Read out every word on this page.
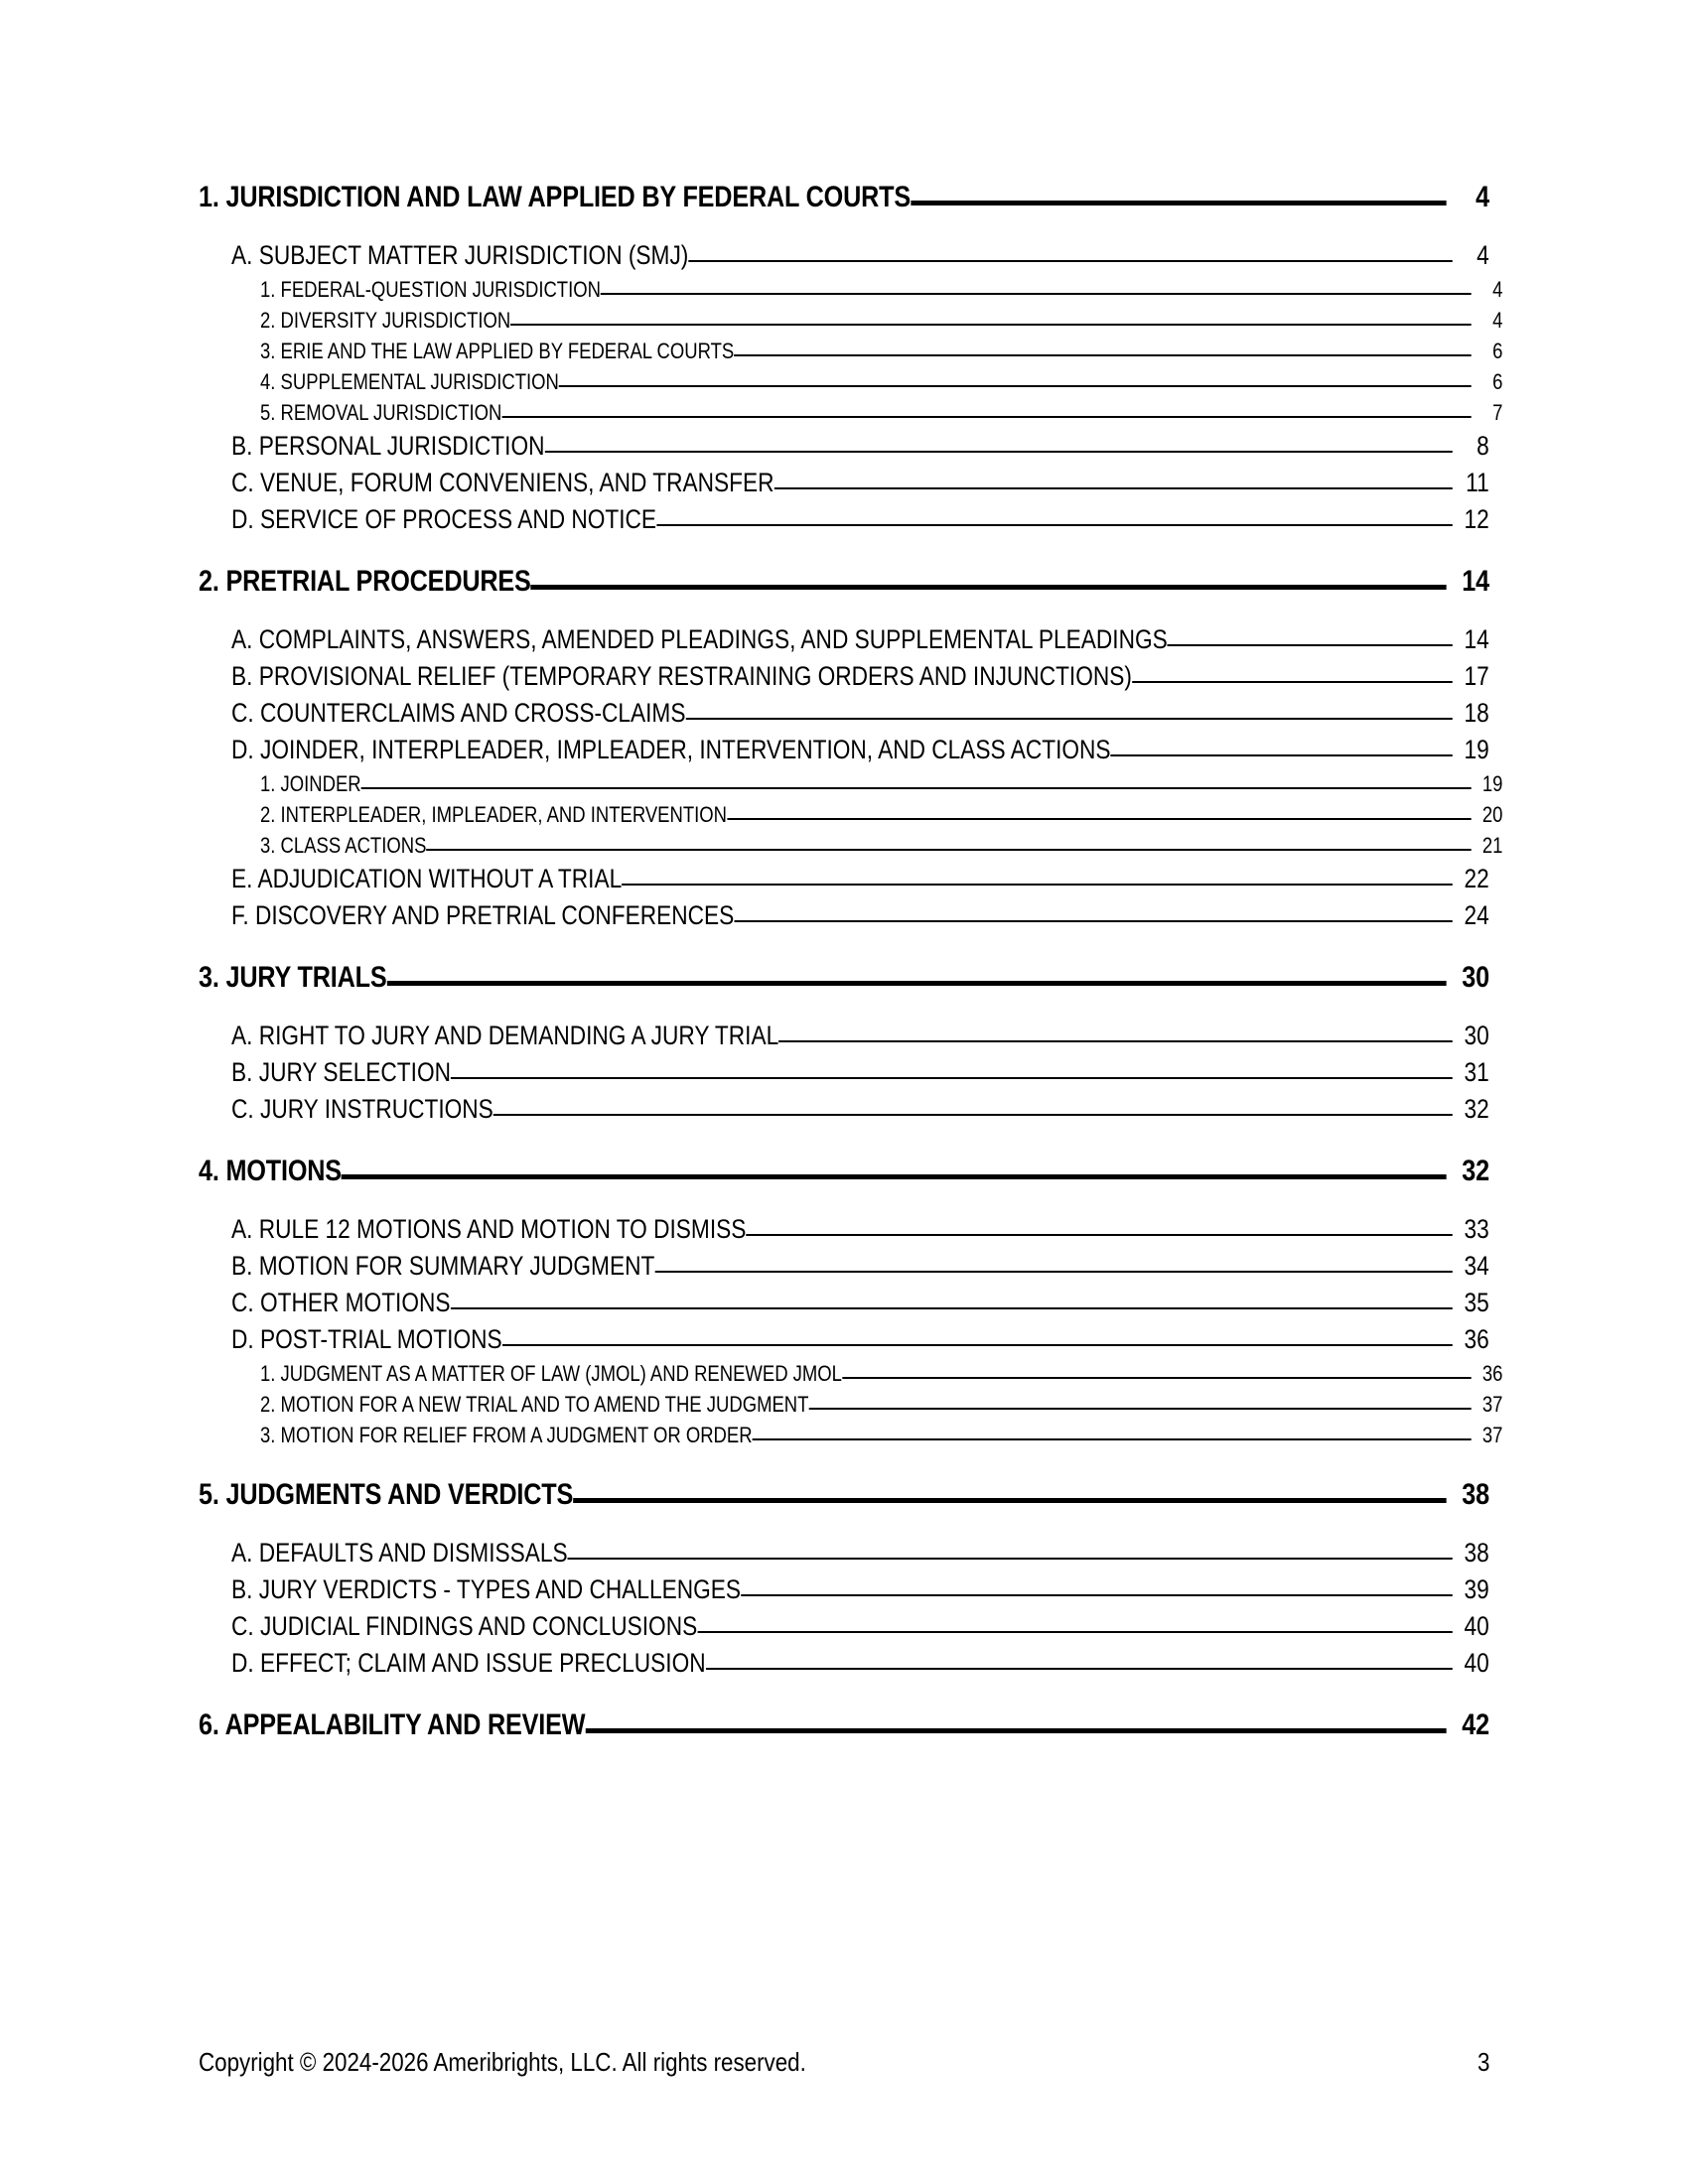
1. JURISDICTION AND LAW APPLIED BY FEDERAL COURTS	4
A. SUBJECT MATTER JURISDICTION (SMJ)	4
1. FEDERAL-QUESTION JURISDICTION	4
2. DIVERSITY JURISDICTION	4
3. ERIE AND THE LAW APPLIED BY FEDERAL COURTS	6
4. SUPPLEMENTAL JURISDICTION	6
5. REMOVAL JURISDICTION	7
B. PERSONAL JURISDICTION	8
C. VENUE, FORUM CONVENIENS, AND TRANSFER	11
D. SERVICE OF PROCESS AND NOTICE	12
2. PRETRIAL PROCEDURES	14
A. COMPLAINTS, ANSWERS, AMENDED PLEADINGS, AND SUPPLEMENTAL PLEADINGS	14
B. PROVISIONAL RELIEF (TEMPORARY RESTRAINING ORDERS AND INJUNCTIONS)	17
C. COUNTERCLAIMS AND CROSS-CLAIMS	18
D. JOINDER, INTERPLEADER, IMPLEADER, INTERVENTION, AND CLASS ACTIONS	19
1. JOINDER	19
2. INTERPLEADER, IMPLEADER, AND INTERVENTION	20
3. CLASS ACTIONS	21
E. ADJUDICATION WITHOUT A TRIAL	22
F. DISCOVERY AND PRETRIAL CONFERENCES	24
3. JURY TRIALS	30
A. RIGHT TO JURY AND DEMANDING A JURY TRIAL	30
B. JURY SELECTION	31
C. JURY INSTRUCTIONS	32
4. MOTIONS	32
A. RULE 12 MOTIONS AND MOTION TO DISMISS	33
B. MOTION FOR SUMMARY JUDGMENT	34
C. OTHER MOTIONS	35
D. POST-TRIAL MOTIONS	36
1. JUDGMENT AS A MATTER OF LAW (JMOL) AND RENEWED JMOL	36
2. MOTION FOR A NEW TRIAL AND TO AMEND THE JUDGMENT	37
3. MOTION FOR RELIEF FROM A JUDGMENT OR ORDER	37
5. JUDGMENTS AND VERDICTS	38
A. DEFAULTS AND DISMISSALS	38
B. JURY VERDICTS - TYPES AND CHALLENGES	39
C. JUDICIAL FINDINGS AND CONCLUSIONS	40
D. EFFECT; CLAIM AND ISSUE PRECLUSION	40
6. APPEALABILITY AND REVIEW	42
Copyright © 2024-2026 Ameribrights, LLC. All rights reserved.	3
